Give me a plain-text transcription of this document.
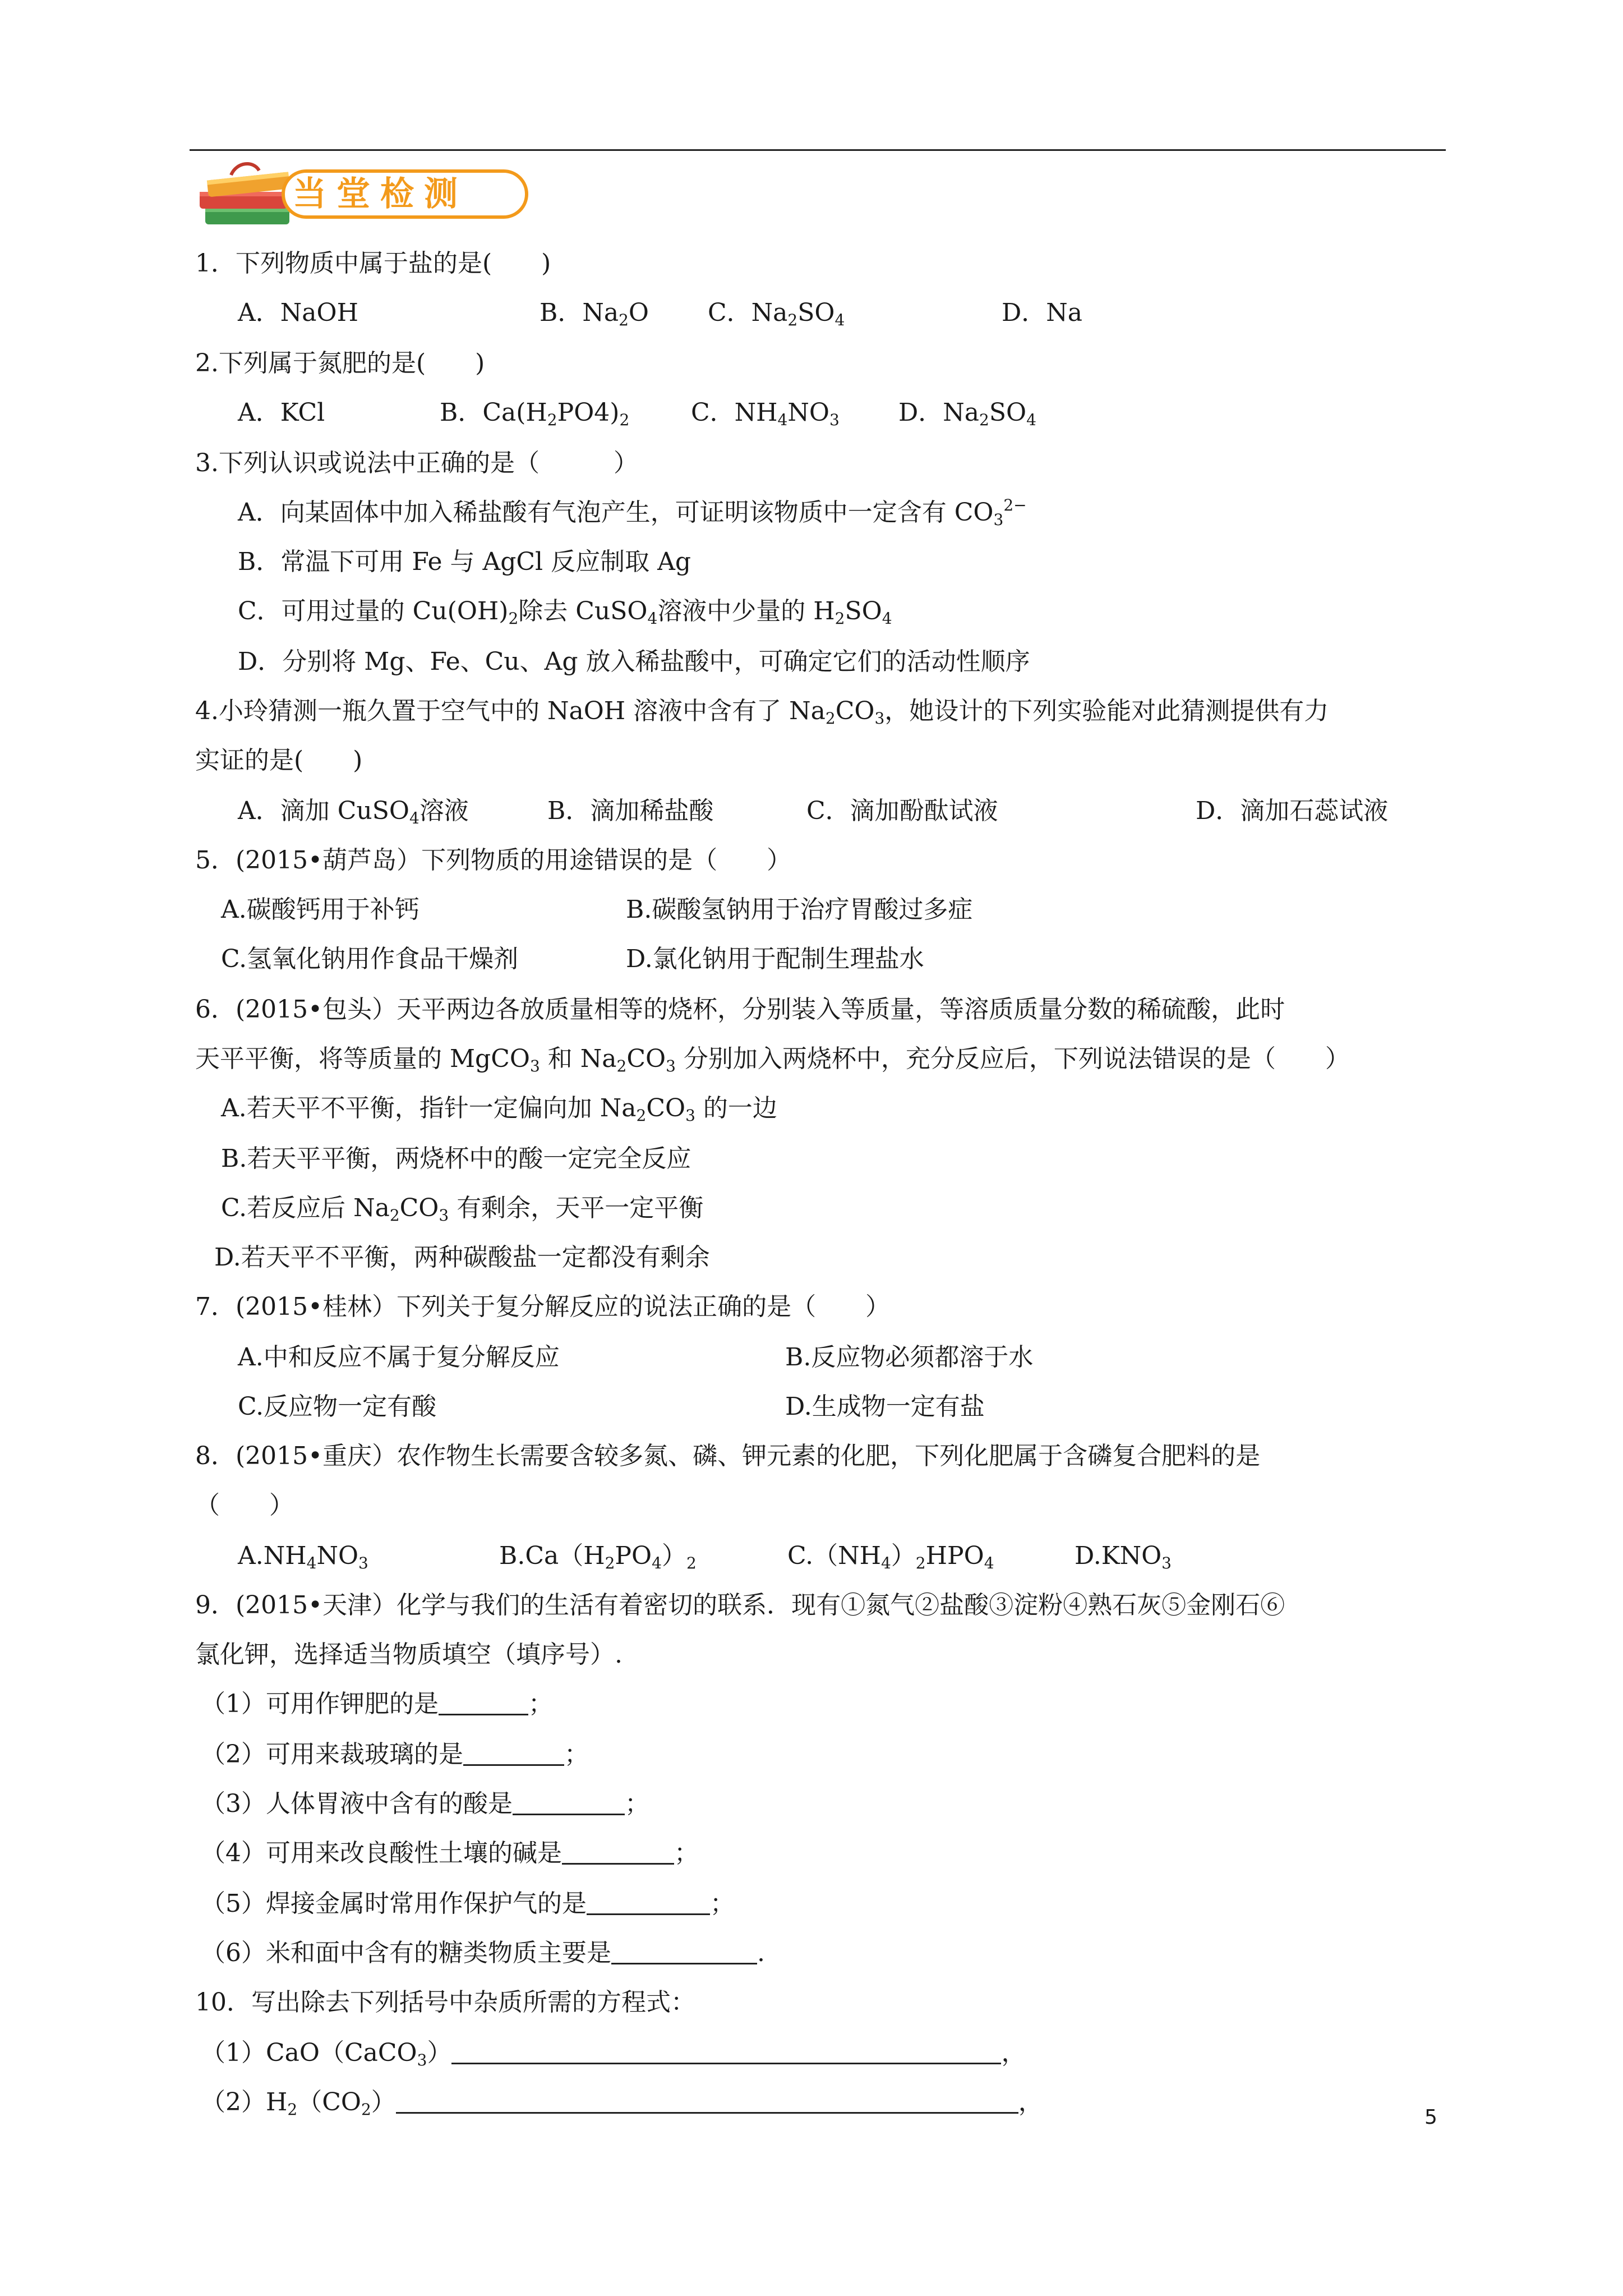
当堂检测
1．下列物质中属于盐的是(　　)
A．NaOH	B．$Na_2O$ C．$Na_2SO_4$	D．Na
2.下列属于氮肥的是(　　)
A．KCl	B．$Ca(H_2PO4)_2$ C．$NH_4NO_3$ D．$Na_2SO_4$
3.下列认识或说法中正确的是（　　　）
A．向某固体中加入稀盐酸有气泡产生，可证明该物质中一定含有 $CO_3^{2-}$
B．常温下可用 Fe 与 AgCl 反应制取 Ag
C．可用过量的 $Cu(OH)_2$除去 CuSO$_4$溶液中少量的 $H_2SO_4$
D．分别将 Mg、Fe、Cu、Ag 放入稀盐酸中，可确定它们的活动性顺序
4.小玲猜测一瓶久置于空气中的 NaOH 溶液中含有了 $Na_2CO_3$，她设计的下列实验能对此猜测提供有力
实证的是(　　)
A．滴加 CuSO$_4$溶液	B．滴加稀盐酸	C．滴加酚酞试液	D．滴加石蕊试液
5．(2015•葫芦岛）下列物质的用途错误的是（　　）
A.碳酸钙用于补钙	B.碳酸氢钠用于治疗胃酸过多症
C.氢氧化钠用作食品干燥剂	D.氯化钠用于配制生理盐水
6．(2015•包头）天平两边各放质量相等的烧杯，分别装入等质量，等溶质质量分数的稀硫酸，此时
天平平衡，将等质量的 MgCO$_3$ 和 $Na_2CO_3$ 分别加入两烧杯中，充分反应后，下列说法错误的是（　　）
A.若天平不平衡，指针一定偏向加 $Na_2CO_3$ 的一边
B.若天平平衡，两烧杯中的酸一定完全反应
C.若反应后 $Na_2CO_3$ 有剩余，天平一定平衡
D.若天平不平衡，两种碳酸盐一定都没有剩余
7．(2015•桂林）下列关于复分解反应的说法正确的是（　　）
A.中和反应不属于复分解反应	B.反应物必须都溶于水
C.反应物一定有酸	D.生成物一定有盐
8．(2015•重庆）农作物生长需要含较多氮、磷、钾元素的化肥，下列化肥属于含磷复合肥料的是
（　　）
$A.NH_4NO_3$	$B.Ca(H_2PO_4)_2$	$C.(NH_4)_2HPO_4$	$D.KNO_3$
9．(2015•天津）化学与我们的生活有着密切的联系．现有①氮气②盐酸③淀粉④熟石灰⑤金刚石⑥
氯化钾，选择适当物质填空（填序号）.
（1）可用作钾肥的是	；
（2）可用来裁玻璃的是	；
（3）人体胃液中含有的酸是	；
（4）可用来改良酸性土壤的碱是	；
（5）焊接金属时常用作保护气的是	；
（6）米和面中含有的糖类物质主要是	.
10．写出除去下列括号中杂质所需的方程式：
（1）CaO（CaCO$_3$）	，
$(2)H_2(CO_2)$	，
5
